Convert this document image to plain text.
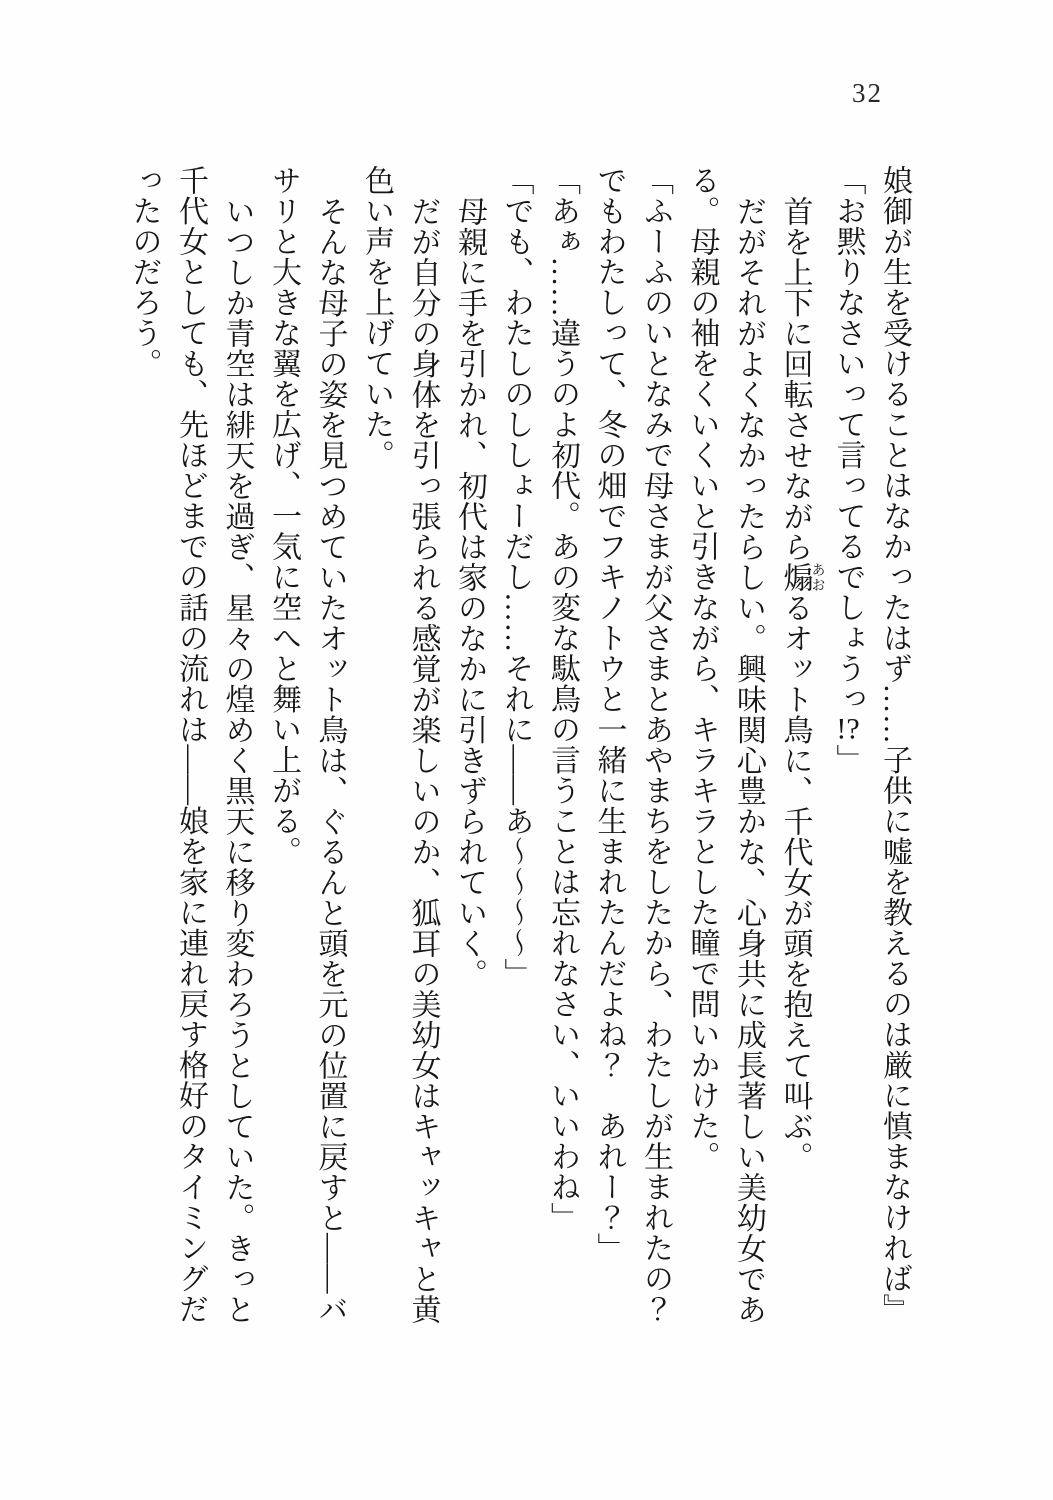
32
娘御が生を受けることはなかったはず……子供に嘘を教えるのは厳に慎まなければ』
「お黙りなさいって言ってるでしょうっ!?」
首を上下に回転させながら煽あおるオット鳥に、千代女が頭を抱えて叫ぶ。
だがそれがよくなかったらしい。興味関心豊かな、心身共に成長著しい美幼女であ
る。母親の袖をくいくいと引きながら、キラキラとした瞳で問いかけた。
「ふーふのいとなみで母さまが父さまとあやまちをしたから、わたしが生まれたの？
でもわたしって、冬の畑でフキノトウと一緒に生まれたんだよね？　あれー？」
「あぁ……違うのよ初代。あの変な駄鳥の言うことは忘れなさい、いいわね」
「でも、わたしのししょーだし……それに――あ～～～～」
母親に手を引かれ、初代は家のなかに引きずられていく。
だが自分の身体を引っ張られる感覚が楽しいのか、狐耳の美幼女はキャッキャと黄
色い声を上げていた。
そんな母子の姿を見つめていたオット鳥は、ぐるんと頭を元の位置に戻すと――バ
サリと大きな翼を広げ、一気に空へと舞い上がる。
いつしか青空は緋天を過ぎ、星々の煌めく黒天に移り変わろうとしていた。きっと
千代女としても、先ほどまでの話の流れは――娘を家に連れ戻す格好のタイミングだ
ったのだろう。
